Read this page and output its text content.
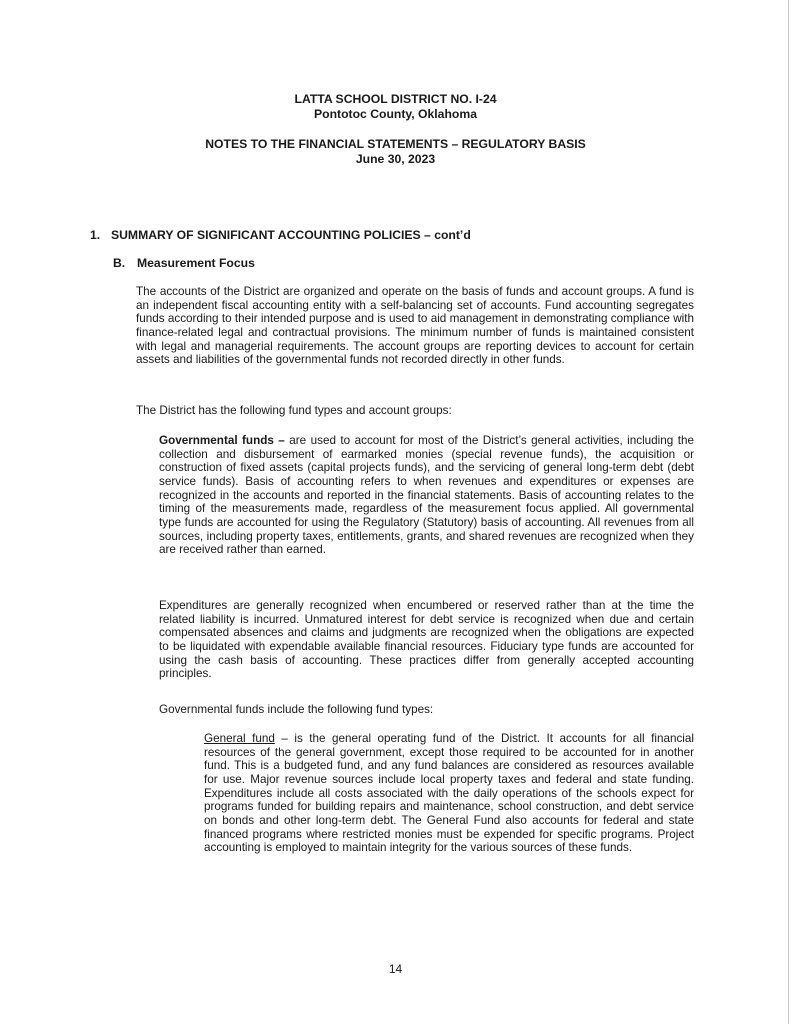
LATTA SCHOOL DISTRICT NO. I-24
Pontotoc County, Oklahoma
NOTES TO THE FINANCIAL STATEMENTS – REGULATORY BASIS
June 30, 2023
1. SUMMARY OF SIGNIFICANT ACCOUNTING POLICIES – cont’d
B. Measurement Focus

The accounts of the District are organized and operate on the basis of funds and account groups. A fund is an independent fiscal accounting entity with a self-balancing set of accounts. Fund accounting segregates funds according to their intended purpose and is used to aid management in demonstrating compliance with finance-related legal and contractual provisions. The minimum number of funds is maintained consistent with legal and managerial requirements. The account groups are reporting devices to account for certain assets and liabilities of the governmental funds not recorded directly in other funds.

The District has the following fund types and account groups:

Governmental funds – are used to account for most of the District’s general activities, including the collection and disbursement of earmarked monies (special revenue funds), the acquisition or construction of fixed assets (capital projects funds), and the servicing of general long-term debt (debt service funds). Basis of accounting refers to when revenues and expenditures or expenses are recognized in the accounts and reported in the financial statements. Basis of accounting relates to the timing of the measurements made, regardless of the measurement focus applied. All governmental type funds are accounted for using the Regulatory (Statutory) basis of accounting. All revenues from all sources, including property taxes, entitlements, grants, and shared revenues are recognized when they are received rather than earned.

Expenditures are generally recognized when encumbered or reserved rather than at the time the related liability is incurred. Unmatured interest for debt service is recognized when due and certain compensated absences and claims and judgments are recognized when the obligations are expected to be liquidated with expendable available financial resources. Fiduciary type funds are accounted for using the cash basis of accounting. These practices differ from generally accepted accounting principles.

Governmental funds include the following fund types:

General fund – is the general operating fund of the District. It accounts for all financial resources of the general government, except those required to be accounted for in another fund. This is a budgeted fund, and any fund balances are considered as resources available for use. Major revenue sources include local property taxes and federal and state funding. Expenditures include all costs associated with the daily operations of the schools expect for programs funded for building repairs and maintenance, school construction, and debt service on bonds and other long-term debt. The General Fund also accounts for federal and state financed programs where restricted monies must be expended for specific programs. Project accounting is employed to maintain integrity for the various sources of these funds.

14
